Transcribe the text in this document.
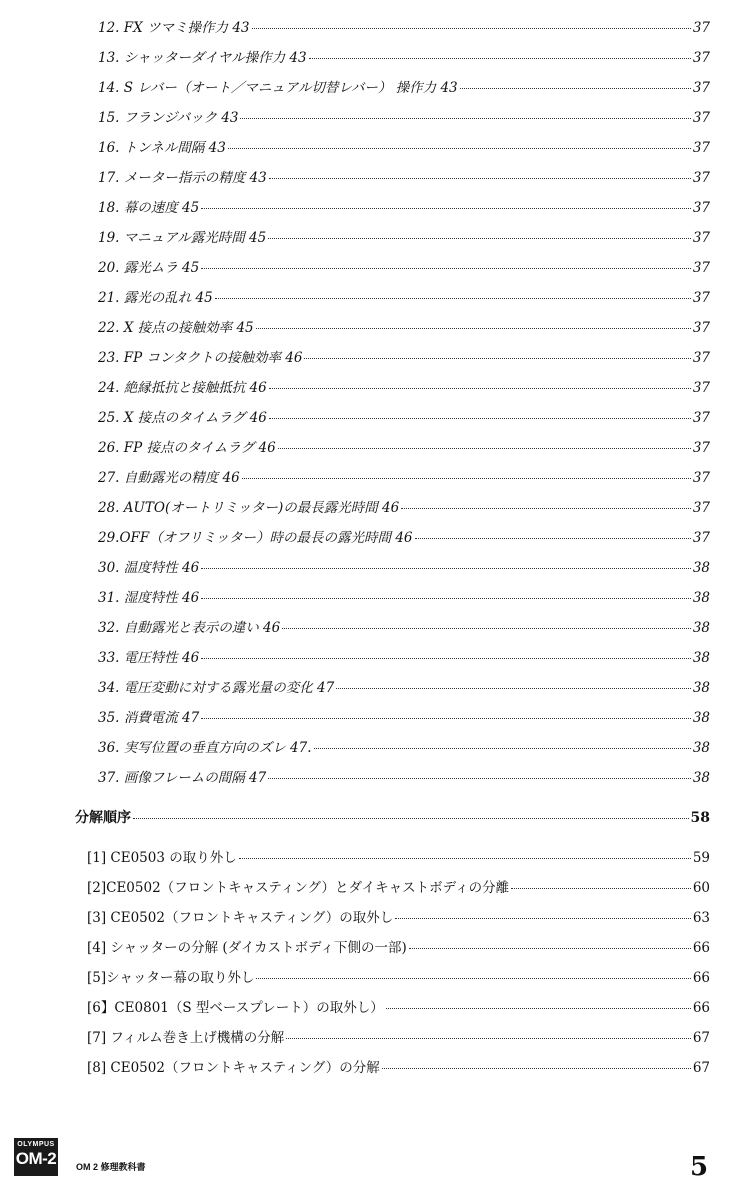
12. FX ツマミ操作力 43	37
13. シャッターダイヤル操作力 43	37
14. S レバー（オート／マニュアル切替レバー） 操作力 43	37
15. フランジバック 43	37
16. トンネル間隔 43	37
17. メーター指示の精度 43	37
18. 幕の速度 45	37
19. マニュアル露光時間 45	37
20. 露光ムラ 45	37
21. 露光の乱れ 45	37
22. X 接点の接触効率 45	37
23. FP コンタクトの接触効率 46	37
24. 絶縁抵抗と接触抵抗 46	37
25. X 接点のタイムラグ 46	37
26. FP 接点のタイムラグ 46	37
27. 自動露光の精度 46	37
28. AUTO(オートリミッター)の最長露光時間 46	37
29.OFF（オフリミッター）時の最長の露光時間 46	37
30. 温度特性 46	38
31. 湿度特性 46	38
32. 自動露光と表示の違い 46	38
33. 電圧特性 46	38
34. 電圧変動に対する露光量の変化 47	38
35. 消費電流 47	38
36. 実写位置の垂直方向のズレ 47.	38
37. 画像フレームの間隔 47	38
分解順序	58
[1] CE0503 の取り外し	59
[2]CE0502（フロントキャスティング）とダイキャストボディの分離	60
[3] CE0502（フロントキャスティング）の取外し	63
[4] シャッターの分解 (ダイカストボディ下側の一部)	66
[5]シャッター幕の取り外し	66
[6】CE0801（S 型ベースプレート）の取外し）	66
[7] フィルム巻き上げ機構の分解	67
[8] CE0502（フロントキャスティング）の分解	67
OLYMPUS
OM-2 OM 2 修理教科書	5
